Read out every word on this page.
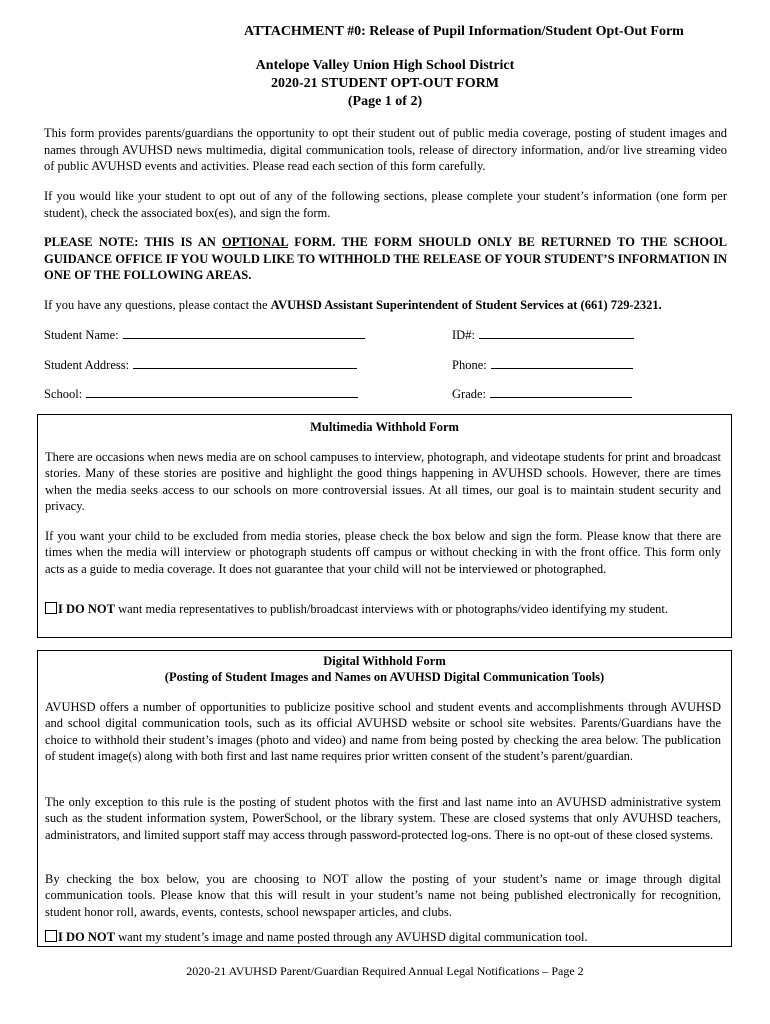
ATTACHMENT #0: Release of Pupil Information/Student Opt-Out Form
Antelope Valley Union High School District
2020-21 STUDENT OPT-OUT FORM
(Page 1 of 2)
This form provides parents/guardians the opportunity to opt their student out of public media coverage, posting of student images and names through AVUHSD news multimedia, digital communication tools, release of directory information, and/or live streaming video of public AVUHSD events and activities. Please read each section of this form carefully.
If you would like your student to opt out of any of the following sections, please complete your student’s information (one form per student), check the associated box(es), and sign the form.
PLEASE NOTE: THIS IS AN OPTIONAL FORM. THE FORM SHOULD ONLY BE RETURNED TO THE SCHOOL GUIDANCE OFFICE IF YOU WOULD LIKE TO WITHHOLD THE RELEASE OF YOUR STUDENT’S INFORMATION IN ONE OF THE FOLLOWING AREAS.
If you have any questions, please contact the AVUHSD Assistant Superintendent of Student Services at (661) 729-2321.
Student Name:	ID#:
Student Address:	Phone:
School:	Grade:
Multimedia Withhold Form
There are occasions when news media are on school campuses to interview, photograph, and videotape students for print and broadcast stories. Many of these stories are positive and highlight the good things happening in AVUHSD schools. However, there are times when the media seeks access to our schools on more controversial issues. At all times, our goal is to maintain student security and privacy.
If you want your child to be excluded from media stories, please check the box below and sign the form. Please know that there are times when the media will interview or photograph students off campus or without checking in with the front office. This form only acts as a guide to media coverage. It does not guarantee that your child will not be interviewed or photographed.
I DO NOT want media representatives to publish/broadcast interviews with or photographs/video identifying my student.
Digital Withhold Form
(Posting of Student Images and Names on AVUHSD Digital Communication Tools)
AVUHSD offers a number of opportunities to publicize positive school and student events and accomplishments through AVUHSD and school digital communication tools, such as its official AVUHSD website or school site websites. Parents/Guardians have the choice to withhold their student’s images (photo and video) and name from being posted by checking the area below. The publication of student image(s) along with both first and last name requires prior written consent of the student’s parent/guardian.
The only exception to this rule is the posting of student photos with the first and last name into an AVUHSD administrative system such as the student information system, PowerSchool, or the library system. These are closed systems that only AVUHSD teachers, administrators, and limited support staff may access through password-protected log-ons. There is no opt-out of these closed systems.
By checking the box below, you are choosing to NOT allow the posting of your student’s name or image through digital communication tools. Please know that this will result in your student’s name not being published electronically for recognition, student honor roll, awards, events, contests, school newspaper articles, and clubs.
I DO NOT want my student’s image and name posted through any AVUHSD digital communication tool.
2020-21 AVUHSD Parent/Guardian Required Annual Legal Notifications – Page 2
